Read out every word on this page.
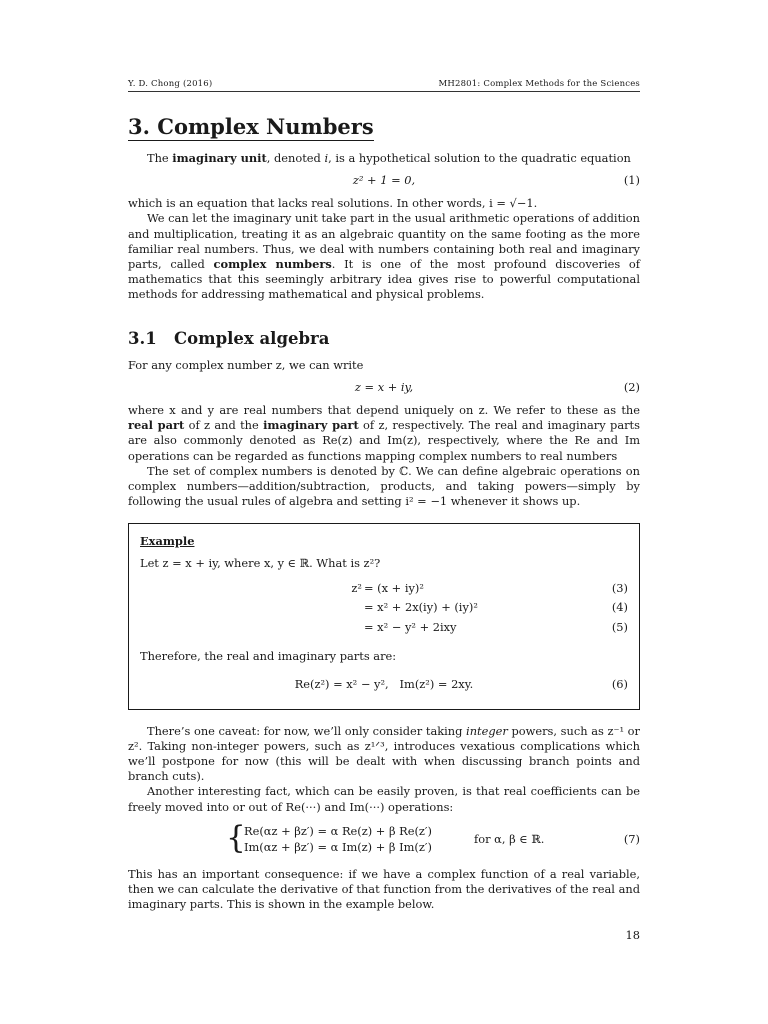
Y. D. Chong (2016)	MH2801: Complex Methods for the Sciences
3. Complex Numbers

The imaginary unit, denoted i, is a hypothetical solution to the quadratic equation

z² + 1 = 0,	(1)

which is an equation that lacks real solutions. In other words, i = √−1.

We can let the imaginary unit take part in the usual arithmetic operations of addition and multiplication, treating it as an algebraic quantity on the same footing as the more familiar real numbers. Thus, we deal with numbers containing both real and imaginary parts, called complex numbers. It is one of the most profound discoveries of mathematics that this seemingly arbitrary idea gives rise to powerful computational methods for addressing mathematical and physical problems.

3.1 Complex algebra

For any complex number z, we can write

z = x + iy,	(2)

where x and y are real numbers that depend uniquely on z. We refer to these as the real part of z and the imaginary part of z, respectively. The real and imaginary parts are also commonly denoted as Re(z) and Im(z), respectively, where the Re and Im operations can be regarded as functions mapping complex numbers to real numbers

The set of complex numbers is denoted by ℂ. We can define algebraic operations on complex numbers—addition/subtraction, products, and taking powers—simply by following the usual rules of algebra and setting i² = −1 whenever it shows up.

Example

Let z = x + iy, where x, y ∈ ℝ. What is z²?

z² = (x + iy)²	(3)
= x² + 2x(iy) + (iy)²	(4)
= x² − y² + 2ixy	(5)

Therefore, the real and imaginary parts are:

Re(z²) = x² − y²,   Im(z²) = 2xy.	(6)

There’s one caveat: for now, we’ll only consider taking integer powers, such as z⁻¹ or z². Taking non-integer powers, such as z¹ᐟ³, introduces vexatious complications which we’ll postpone for now (this will be dealt with when discussing branch points and branch cuts).

Another interesting fact, which can be easily proven, is that real coefficients can be freely moved into or out of Re(···) and Im(···) operations:

{
Re(αz + βz′) = α Re(z) + β Re(z′)
Im(αz + βz′) = α Im(z) + β Im(z′)
for α, β ∈ ℝ.	(7)

This has an important consequence: if we have a complex function of a real variable, then we can calculate the derivative of that function from the derivatives of the real and imaginary parts. This is shown in the example below.

18
